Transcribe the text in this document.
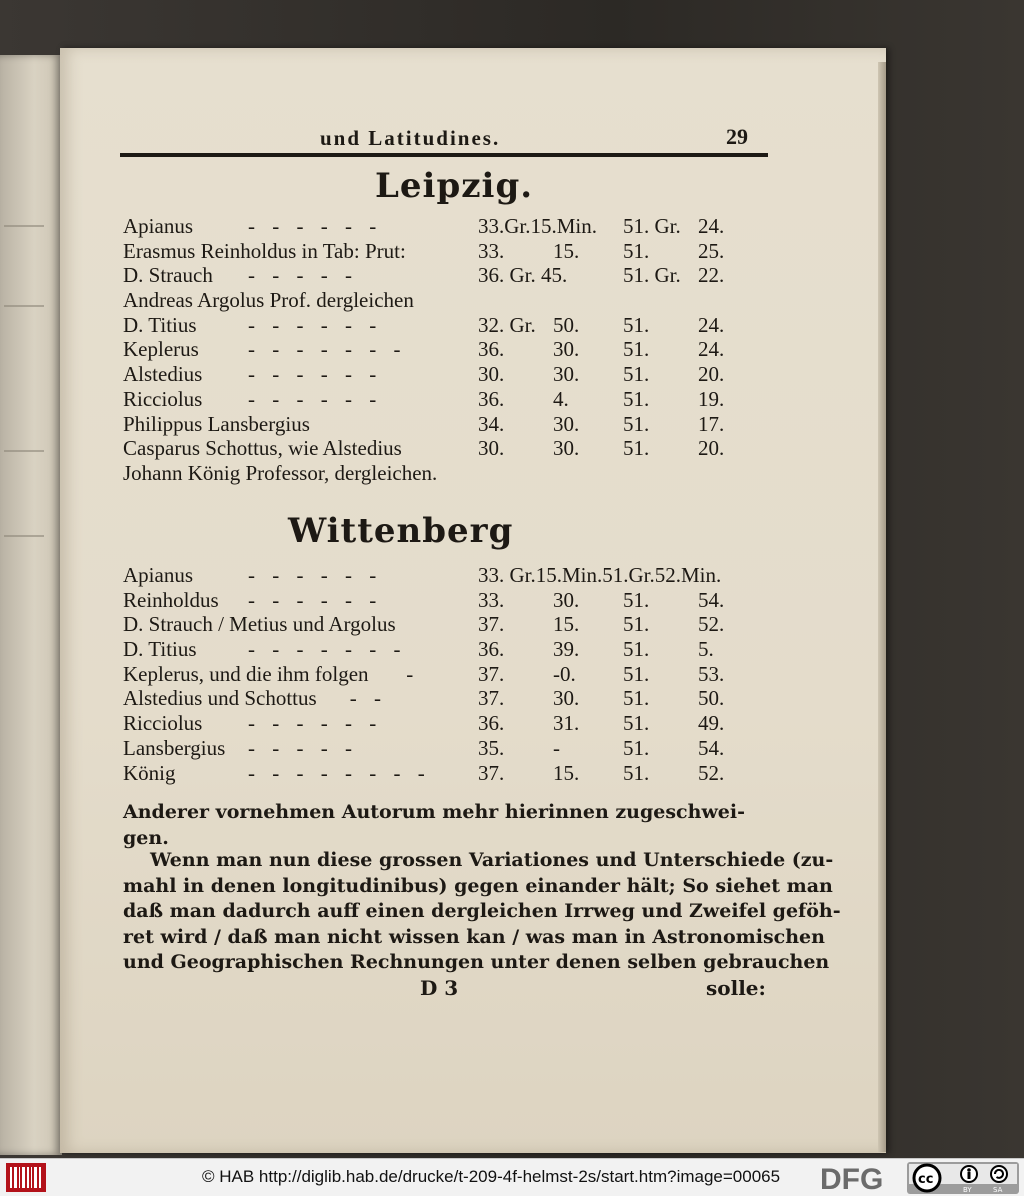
und Latitudines.	29
Leipzig.
Apianus	- - - - - -	33.Gr.15.Min. 51. Gr. 24.
Erasmus Reinholdus in Tab: Prut:	33. 15. 51. 25.
D. Strauch - - - - -	36. Gr. 45.	51. Gr. 22.
Andreas Argolus Prof. dergleichen
D. Titius - - - - - -	32. Gr. 50. 51. 24.
Keplerus - - - - - - -	36. 30. 51. 24.
Alstedius - - - - - -	30. 30. 51. 20.
Ricciolus - - - - - -	36. 4.	51. 19.
Philippus Lansbergius	34. 30. 51. 17.
Casparus Schottus, wie Alstedius	30. 30. 51. 20.
Johann König Professor, dergleichen.
Wittenberg
Apianus	- - - - - -	33. Gr.15.Min.51.Gr.52.Min.
Reinholdus - - - - - -	33. 30. 51. 54.
D. Strauch / Metius und Argolus	37. 15. 51. 52.
D. Titius - - - - - - -	36. 39. 51. 5.
Keplerus, und die ihm folgen -	37. -0. 51. 53.
Alstedius und Schottus - -	37. 30. 51. 50.
Ricciolus - - - - - -	36. 31. 51. 49.
Lansbergius - - - - -	35. -	51. 54.
König	- - - - - - - - 37. 15. 51. 52.
Anderer vornehmen Autorum mehr hierinnen zugeschwei-
gen.
Wenn man nun diese grossen Variationes und Unterschiede (zu-
mahl in denen longitudinibus) gegen einander hält; So siehet man
daß man dadurch auff einen dergleichen Irrweg und Zweifel geföh-
ret wird / daß man nicht wissen kan / was man in Astronomischen
und Geographischen Rechnungen unter denen selben gebrauchen
D 3	solle:
© HAB http://diglib.hab.de/drucke/t-209-4f-helmst-2s/start.htm?image=00065 DFG	cc
BY	SA
